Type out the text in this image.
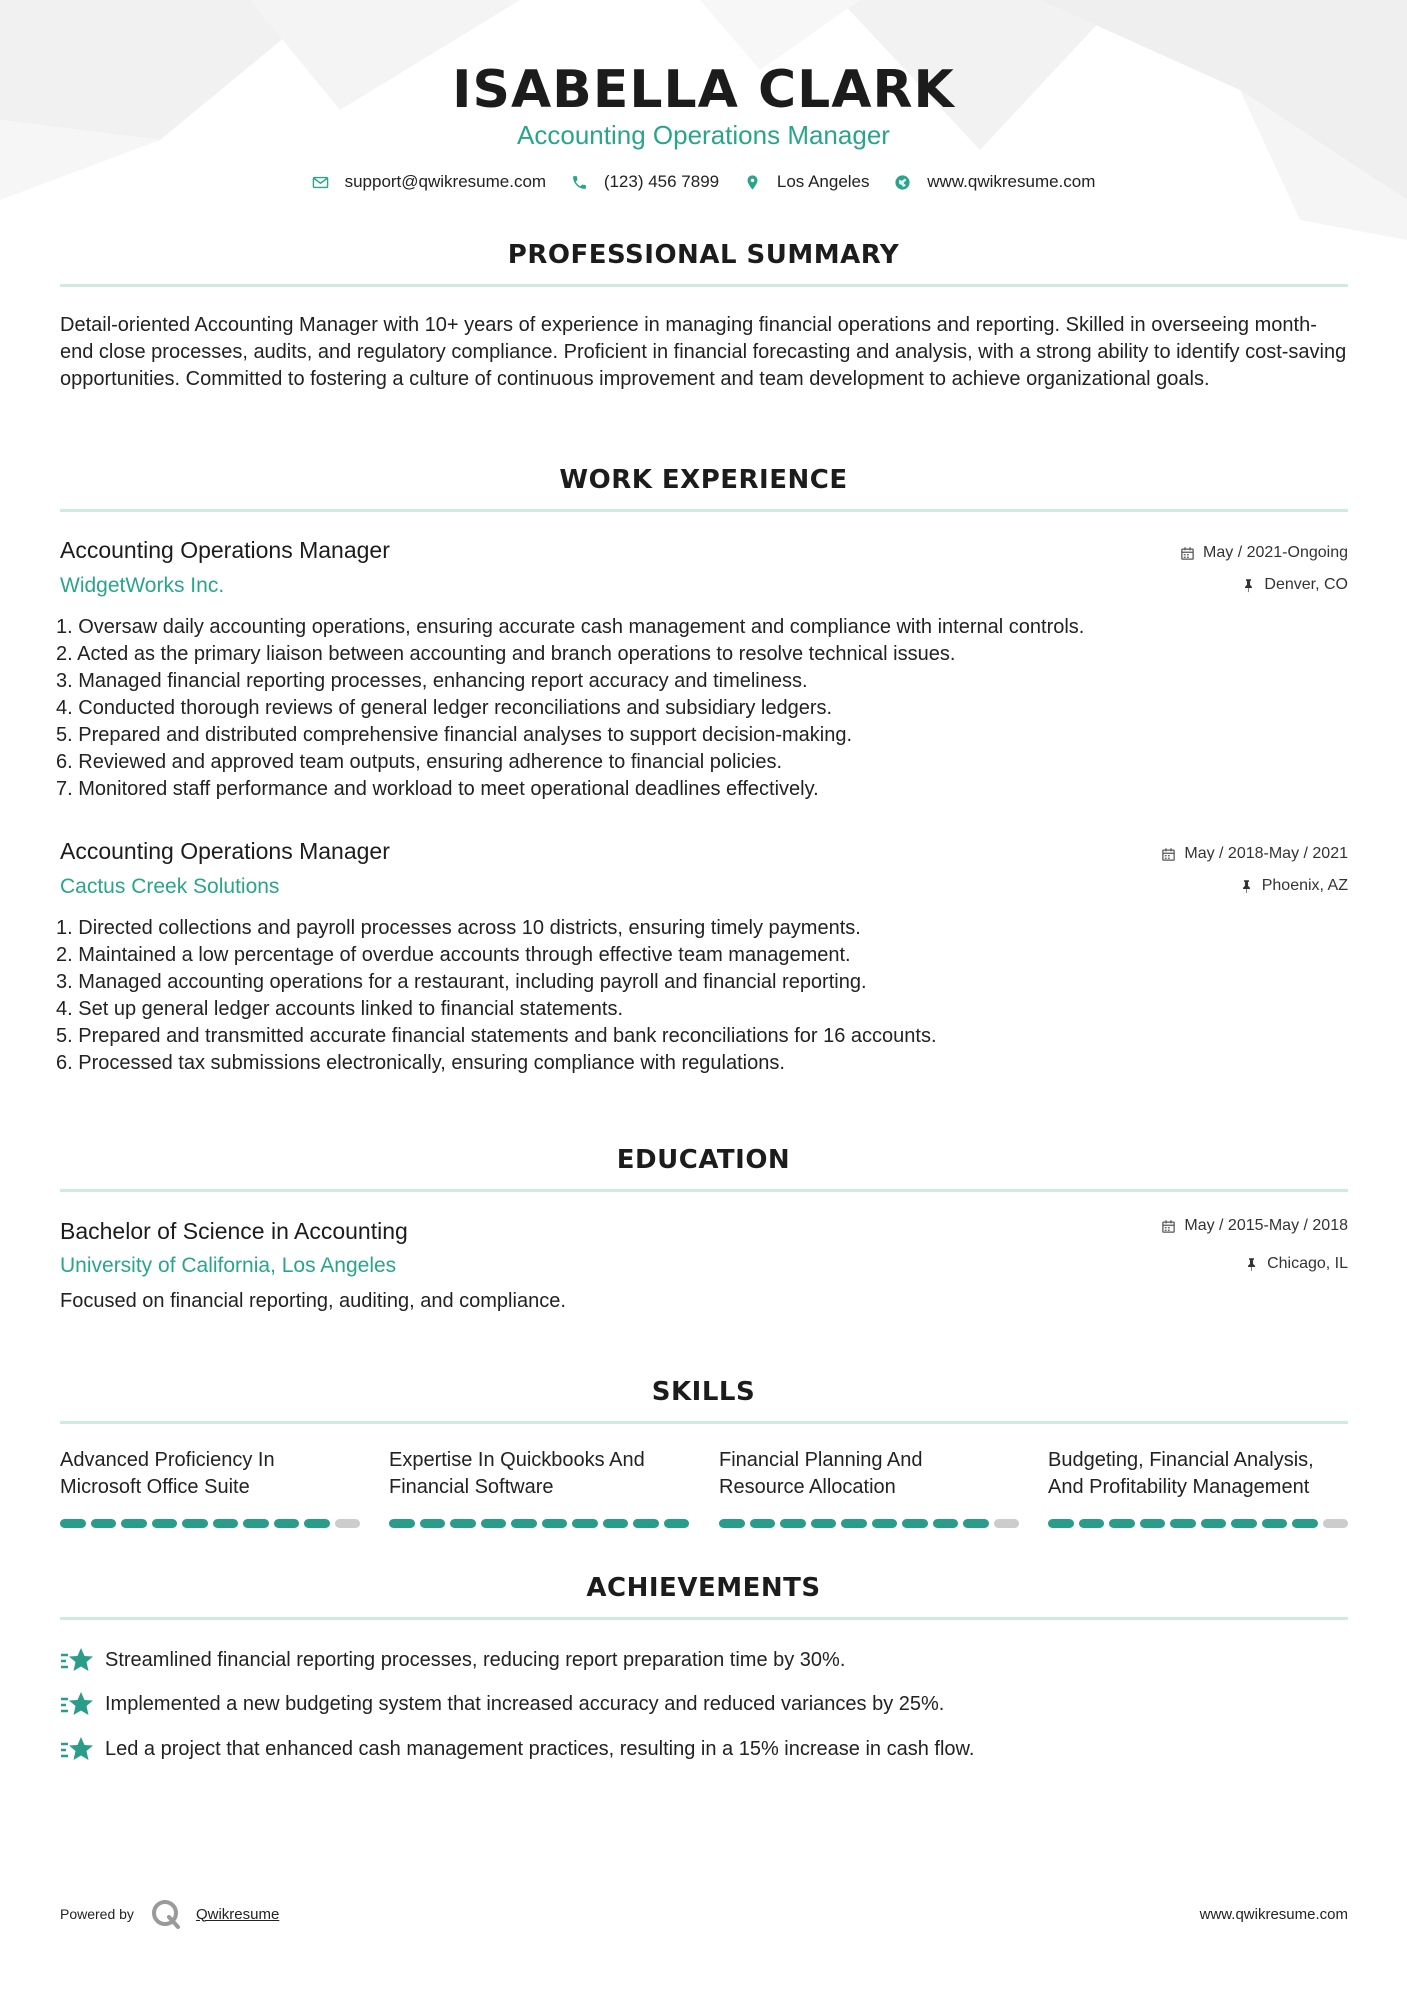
ISABELLA CLARK
Accounting Operations Manager
support@qwikresume.com
	(123) 456 7899
	Los Angeles
	www.qwikresume.com
PROFESSIONAL SUMMARY
Detail-oriented Accounting Manager with 10+ years of experience in managing financial operations and reporting. Skilled in overseeing month-end close processes, audits, and regulatory compliance. Proficient in financial forecasting and analysis, with a strong ability to identify cost-saving opportunities. Committed to fostering a culture of continuous improvement and team development to achieve organizational goals.
WORK EXPERIENCE
Accounting Operations Manager
WidgetWorks Inc.
May / 2021-Ongoing
Denver, CO
1. Oversaw daily accounting operations, ensuring accurate cash management and compliance with internal controls.
2. Acted as the primary liaison between accounting and branch operations to resolve technical issues.
3. Managed financial reporting processes, enhancing report accuracy and timeliness.
4. Conducted thorough reviews of general ledger reconciliations and subsidiary ledgers.
5. Prepared and distributed comprehensive financial analyses to support decision-making.
6. Reviewed and approved team outputs, ensuring adherence to financial policies.
7. Monitored staff performance and workload to meet operational deadlines effectively.
Accounting Operations Manager
Cactus Creek Solutions
May / 2018-May / 2021
Phoenix, AZ
1. Directed collections and payroll processes across 10 districts, ensuring timely payments.
2. Maintained a low percentage of overdue accounts through effective team management.
3. Managed accounting operations for a restaurant, including payroll and financial reporting.
4. Set up general ledger accounts linked to financial statements.
5. Prepared and transmitted accurate financial statements and bank reconciliations for 16 accounts.
6. Processed tax submissions electronically, ensuring compliance with regulations.
EDUCATION
Bachelor of Science in Accounting
University of California, Los Angeles
May / 2015-May / 2018
Chicago, IL
Focused on financial reporting, auditing, and compliance.
SKILLS
Advanced Proficiency In
Microsoft Office Suite
Expertise In Quickbooks And
Financial Software
Financial Planning And
Resource Allocation
Budgeting, Financial Analysis,
And Profitability Management
ACHIEVEMENTS
Streamlined financial reporting processes, reducing report preparation time by 30%.
Implemented a new budgeting system that increased accuracy and reduced variances by 25%.
Led a project that enhanced cash management practices, resulting in a 15% increase in cash flow.
Powered by	Qwikresume	www.qwikresume.com
